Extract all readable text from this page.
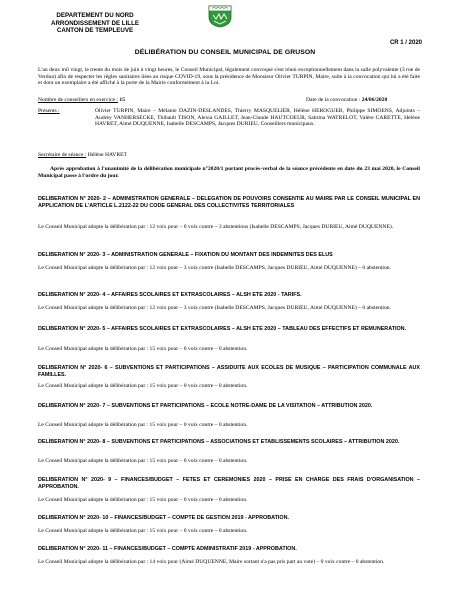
DEPARTEMENT DU NORD
ARRONDISSEMENT DE LILLE
CANTON DE TEMPLEUVE
CR 1 / 2020
DÉLIBÉRATION DU CONSEIL MUNICIPAL DE GRUSON
L'an deux mil vingt, le trente du mois de juin à vingt heures, le Conseil Municipal, légalement convoqué s'est réuni exceptionnellement dans la salle polyvalente (3 rue de Verdun) afin de respecter les règles sanitaires liées au risque COVID-19, sous la présidence de Monsieur Olivier TURPIN, Maire, suite à la convocation qui lui a été faite et dont un exemplaire a été affiché à la porte de la Mairie conformément à la Loi.
Nombre de conseillers en exercice : 15	Date de la convocation : 24/06/2020
Présents :	Olivier TURPIN, Maire – Mélanie DAZIN-DESLANDES, Thierry MASQUELIER, Hélène HEROGUER, Philippe SIMOENS, Adjoints – Audrey VANHERSECKE, Thibault TISON, Alexia GAILLET, Jean-Claude HAUTCOEUR, Sabrina WATRELOT, Valère CARETTE, Hélène HAVRET, Aimé DUQUENNE, Isabelle DESCAMPS, Jacques DURIEU, Conseillers municipaux.
Secrétaire de séance : Hélène HAVRET
Après approbation à l'unanimité de la délibération municipale n°2020/1 portant procès-verbal de la séance précédente en date du 23 mai 2020, le Conseil Municipal passe à l'ordre du jour.
DELIBERATION N° 2020- 2 – ADMINISTRATION GENERALE – DELEGATION DE POUVOIRS CONSENTIE AU MAIRE PAR LE CONSEIL MUNICIPAL EN APPLICATION DE L'ARTICLE L.2122-22 DU CODE GENERAL DES COLLECTIVITES TERRITORIALES
Le Conseil Municipal adopte la délibération par : 12 voix pour – 0 voix contre – 3 abstentions (Isabelle DESCAMPS, Jacques DURIEU, Aimé DUQUENNE).
DELIBERATION N° 2020- 3 – ADMINISTRATION GENERALE – FIXATION DU MONTANT DES INDEMNITES DES ELUS
Le Conseil Municipal adopte la délibération par : 12 voix pour – 3 voix contre (Isabelle DESCAMPS, Jacques DURIEU, Aimé DUQUENNE) – 0 abstention.
DELIBERATION N° 2020- 4 – AFFAIRES SCOLAIRES ET EXTRASCOLAIRES – ALSH ETE 2020 - TARIFS.
Le Conseil Municipal adopte la délibération par : 12 voix pour – 3 voix contre (Isabelle DESCAMPS, Jacques DURIEU, Aimé DUQUENNE) – 0 abstention.
DELIBERATION N° 2020- 5 – AFFAIRES SCOLAIRES ET EXTRASCOLAIRES – ALSH ETE 2020 – TABLEAU DES EFFECTIFS ET REMUNERATION.
Le Conseil Municipal adopte la délibération par : 15 voix pour – 0 voix contre – 0 abstention.
DELIBERATION N° 2020- 6 – SUBVENTIONS ET PARTICIPATIONS – ASSIDUITE AUX ECOLES DE MUSIQUE – PARTICIPATION COMMUNALE AUX FAMILLES.
Le Conseil Municipal adopte la délibération par : 15 voix pour – 0 voix contre – 0 abstention.
DELIBERATION N° 2020- 7 – SUBVENTIONS ET PARTICIPATIONS – ECOLE NOTRE-DAME DE LA VISITATION – ATTRIBUTION 2020.
Le Conseil Municipal adopte la délibération par : 15 voix pour – 0 voix contre – 0 abstention.
DELIBERATION N° 2020- 8 – SUBVENTIONS ET PARTICIPATIONS – ASSOCIATIONS ET ETABLISSEMENTS SCOLAIRES – ATTRIBUTION 2020.
Le Conseil Municipal adopte la délibération par : 15 voix pour – 0 voix contre – 0 abstention.
DELIBERATION N° 2020- 9 – FINANCES/BUDGET – FETES ET CEREMONIES 2020 – PRISE EN CHARGE DES FRAIS D'ORGANISATION – APPROBATION.
Le Conseil Municipal adopte la délibération par : 15 voix pour – 0 voix contre – 0 abstention.
DELIBERATION N° 2020- 10 – FINANCES/BUDGET – COMPTE DE GESTION 2019 - APPROBATION.
Le Conseil Municipal adopte la délibération par : 15 voix pour – 0 voix contre – 0 abstention.
DELIBERATION N° 2020- 11 – FINANCES/BUDGET – COMPTE ADMINISTRATIF 2019 - APPROBATION.
Le Conseil Municipal adopte la délibération par : 14 voix pour (Aimé DUQUENNE, Maire sortant n'a pas pris part au vote) – 0 voix contre – 0 abstention.
